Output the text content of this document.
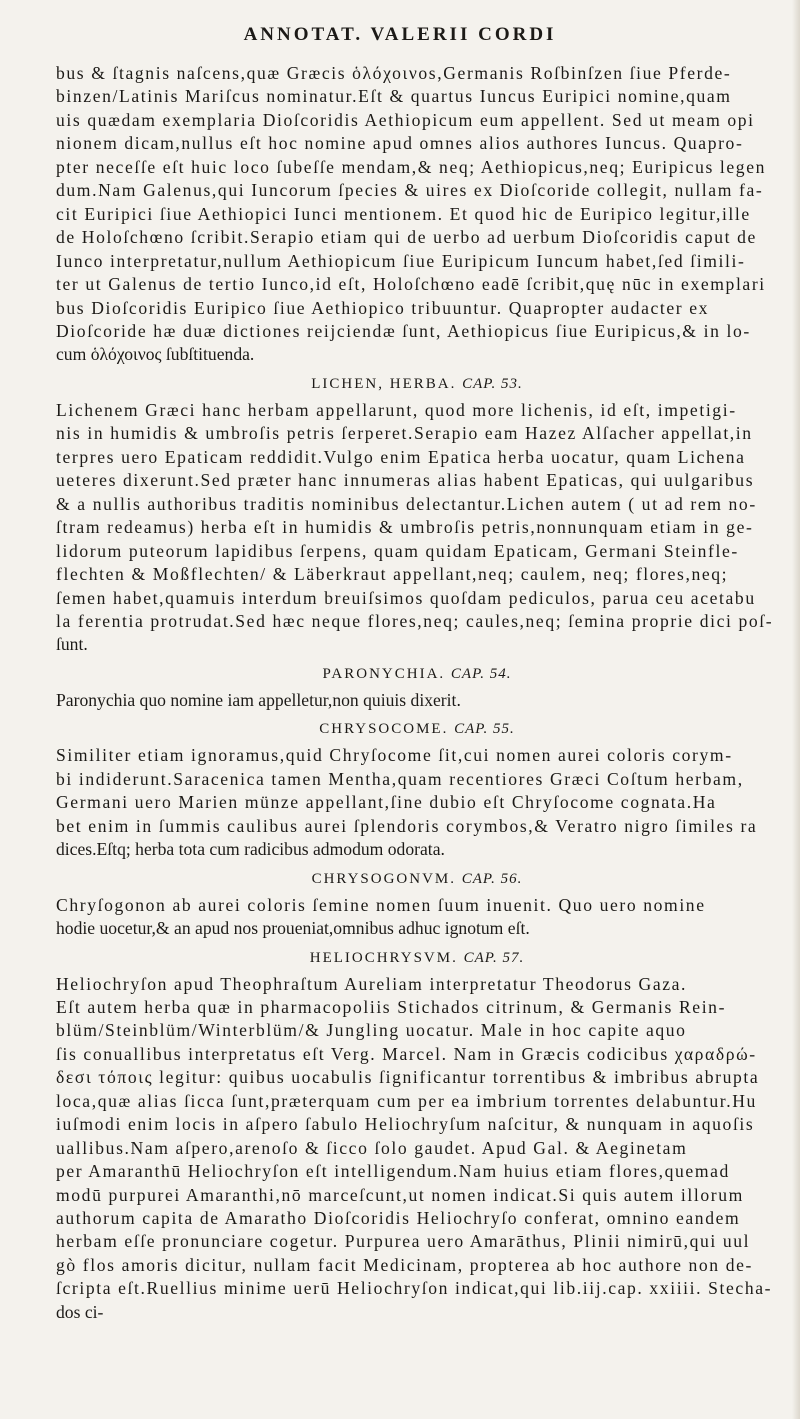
ANNOTAT. VALERII CORDI
bus & ſtagnis naſcens,quæ Græcis ὁλόχοινοs,Germanis Roſbinſzen ſiue Pferde-
binzen/Latinis Mariſcus nominatur.Eſt & quartus Iuncus Euripici nomine,quam
uis quædam exemplaria Dioſcoridis Aethiopicum eum appellent. Sed ut meam opi
nionem dicam,nullus eſt hoc nomine apud omnes alios authores Iuncus. Quapro-
pter neceſſe eſt huic loco ſubeſſe mendam,& neq; Aethiopicus,neq; Euripicus legen
dum.Nam Galenus,qui Iuncorum ſpecies & uires ex Dioſcoride collegit, nullam fa-
cit Euripici ſiue Aethiopici Iunci mentionem. Et quod hic de Euripico legitur,ille
de Holoſchœno ſcribit.Serapio etiam qui de uerbo ad uerbum Dioſcoridis caput de
Iunco interpretatur,nullum Aethiopicum ſiue Euripicum Iuncum habet,ſed ſimili-
ter ut Galenus de tertio Iunco,id eſt, Holoſchœno eadē ſcribit,quę nūc in exemplari
bus Dioſcoridis Euripico ſiue Aethiopico tribuuntur. Quapropter audacter ex
Dioſcoride hæ duæ dictiones reijciendæ ſunt, Aethiopicus ſiue Euripicus,& in lo-
cum ὁλόχοινος ſubſtituenda.
LICHEN, HERBA. CAP. 53.
Lichenem Græci hanc herbam appellarunt, quod more lichenis, id eſt, impetigi-
nis in humidis & umbroſis petris ſerperet.Serapio eam Hazez Alſacher appellat,in
terpres uero Epaticam reddidit.Vulgo enim Epatica herba uocatur, quam Lichena
ueteres dixerunt.Sed præter hanc innumeras alias habent Epaticas, qui uulgaribus
& a nullis authoribus traditis nominibus delectantur.Lichen autem ( ut ad rem no-
ſtram redeamus) herba eſt in humidis & umbroſis petris,nonnunquam etiam in ge-
lidorum puteorum lapidibus ſerpens, quam quidam Epaticam, Germani Steinfle-
flechten & Moßflechten/ & Läberkraut appellant,neq; caulem, neq; flores,neq;
ſemen habet,quamuis interdum breuiſsimos quoſdam pediculos, parua ceu acetabu
la ferentia protrudat.Sed hæc neque flores,neq; caules,neq; ſemina proprie dici poſ-
ſunt.
PARONYCHIA. CAP. 54.
Paronychia quo nomine iam appelletur,non quiuis dixerit.
CHRYSOCOME. CAP. 55.
Similiter etiam ignoramus,quid Chryſocome ſit,cui nomen aurei coloris corym-
bi indiderunt.Saracenica tamen Mentha,quam recentiores Græci Coſtum herbam,
Germani uero Marien münze appellant,ſine dubio eſt Chryſocome cognata.Ha
bet enim in ſummis caulibus aurei ſplendoris corymbos,& Veratro nigro ſimiles ra
dices.Eſtq; herba tota cum radicibus admodum odorata.
CHRYSOGONVM. CAP. 56.
Chryſogonon ab aurei coloris ſemine nomen ſuum inuenit. Quo uero nomine
hodie uocetur,& an apud nos proueniat,omnibus adhuc ignotum eſt.
HELIOCHRYSVM. CAP. 57.
Heliochryſon apud Theophraſtum Aureliam interpretatur Theodorus Gaza.
Eſt autem herba quæ in pharmacopoliis Stichados citrinum, & Germanis Rein-
blüm/Steinblüm/Winterblüm/& Jungling uocatur. Male in hoc capite aquo
ſis conuallibus interpretatus eſt Verg. Marcel. Nam in Græcis codicibus χαραδρώ-
δεσι τόποις legitur: quibus uocabulis ſignificantur torrentibus & imbribus abrupta
loca,quæ alias ſicca ſunt,præterquam cum per ea imbrium torrentes delabuntur.Hu
iuſmodi enim locis in aſpero ſabulo Heliochryſum naſcitur, & nunquam in aquoſis
uallibus.Nam aſpero,arenoſo & ſicco ſolo gaudet. Apud Gal. & Aeginetam
per Amaranthū Heliochryſon eſt intelligendum.Nam huius etiam flores,quemad
modū purpurei Amaranthi,nō marceſcunt,ut nomen indicat.Si quis autem illorum
authorum capita de Amaratho Dioſcoridis Heliochryſo conferat, omnino eandem
herbam eſſe pronunciare cogetur. Purpurea uero Amarāthus, Plinii nimirū,qui uul
gò flos amoris dicitur, nullam facit Medicinam, propterea ab hoc authore non de-
ſcripta eſt.Ruellius minime uerū Heliochryſon indicat,qui lib.iij.cap. xxiiii. Stecha-
dos ci-
